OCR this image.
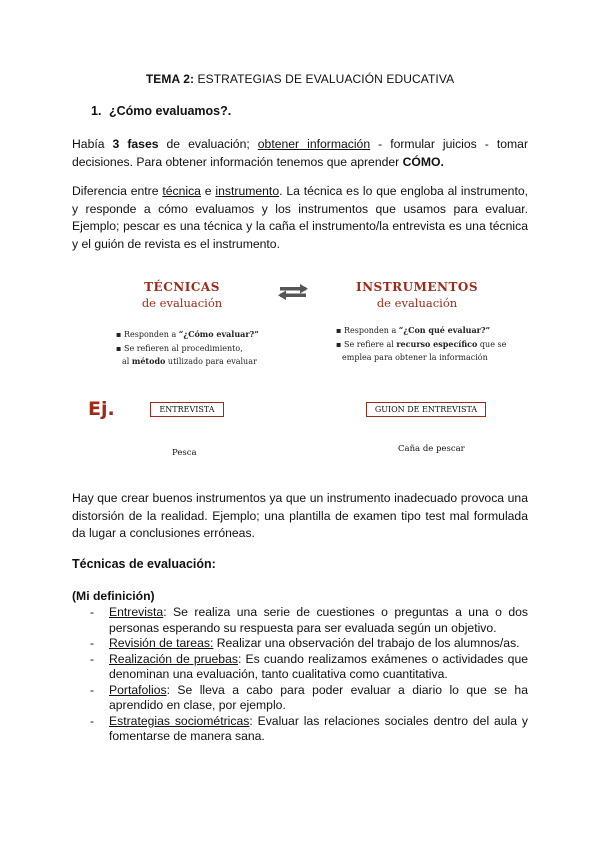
TEMA 2: ESTRATEGIAS DE EVALUACIÓN EDUCATIVA
1. ¿Cómo evaluamos?.
Había 3 fases de evaluación; obtener información - formular juicios - tomar decisiones. Para obtener información tenemos que aprender CÓMO.
Diferencia entre técnica e instrumento. La técnica es lo que engloba al instrumento, y responde a cómo evaluamos y los instrumentos que usamos para evaluar. Ejemplo; pescar es una técnica y la caña el instrumento/la entrevista es una técnica y el guión de revista es el instrumento.
TÉCNICAS
de evaluación
INSTRUMENTOS
de evaluación
▪ Responden a “¿Cómo evaluar?”
▪ Se refieren al procedimiento,
al método utilizado para evaluar
▪ Responden a “¿Con qué evaluar?”
▪ Se refiere al recurso específico que se
emplea para obtener la información
Ej.	ENTREVISTA	GUION DE ENTREVISTA
Pesca	Caña de pescar
Hay que crear buenos instrumentos ya que un instrumento inadecuado provoca una distorsión de la realidad. Ejemplo; una plantilla de examen tipo test mal formulada da lugar a conclusiones erróneas.
Técnicas de evaluación:
(Mi definición)
- Entrevista: Se realiza una serie de cuestiones o preguntas a una o dos personas esperando su respuesta para ser evaluada según un objetivo.
- Revisión de tareas: Realizar una observación del trabajo de los alumnos/as.
- Realización de pruebas: Es cuando realizamos exámenes o actividades que denominan una evaluación, tanto cualitativa como cuantitativa.
- Portafolios: Se lleva a cabo para poder evaluar a diario lo que se ha aprendido en clase, por ejemplo.
- Estrategias sociométricas: Evaluar las relaciones sociales dentro del aula y fomentarse de manera sana.
